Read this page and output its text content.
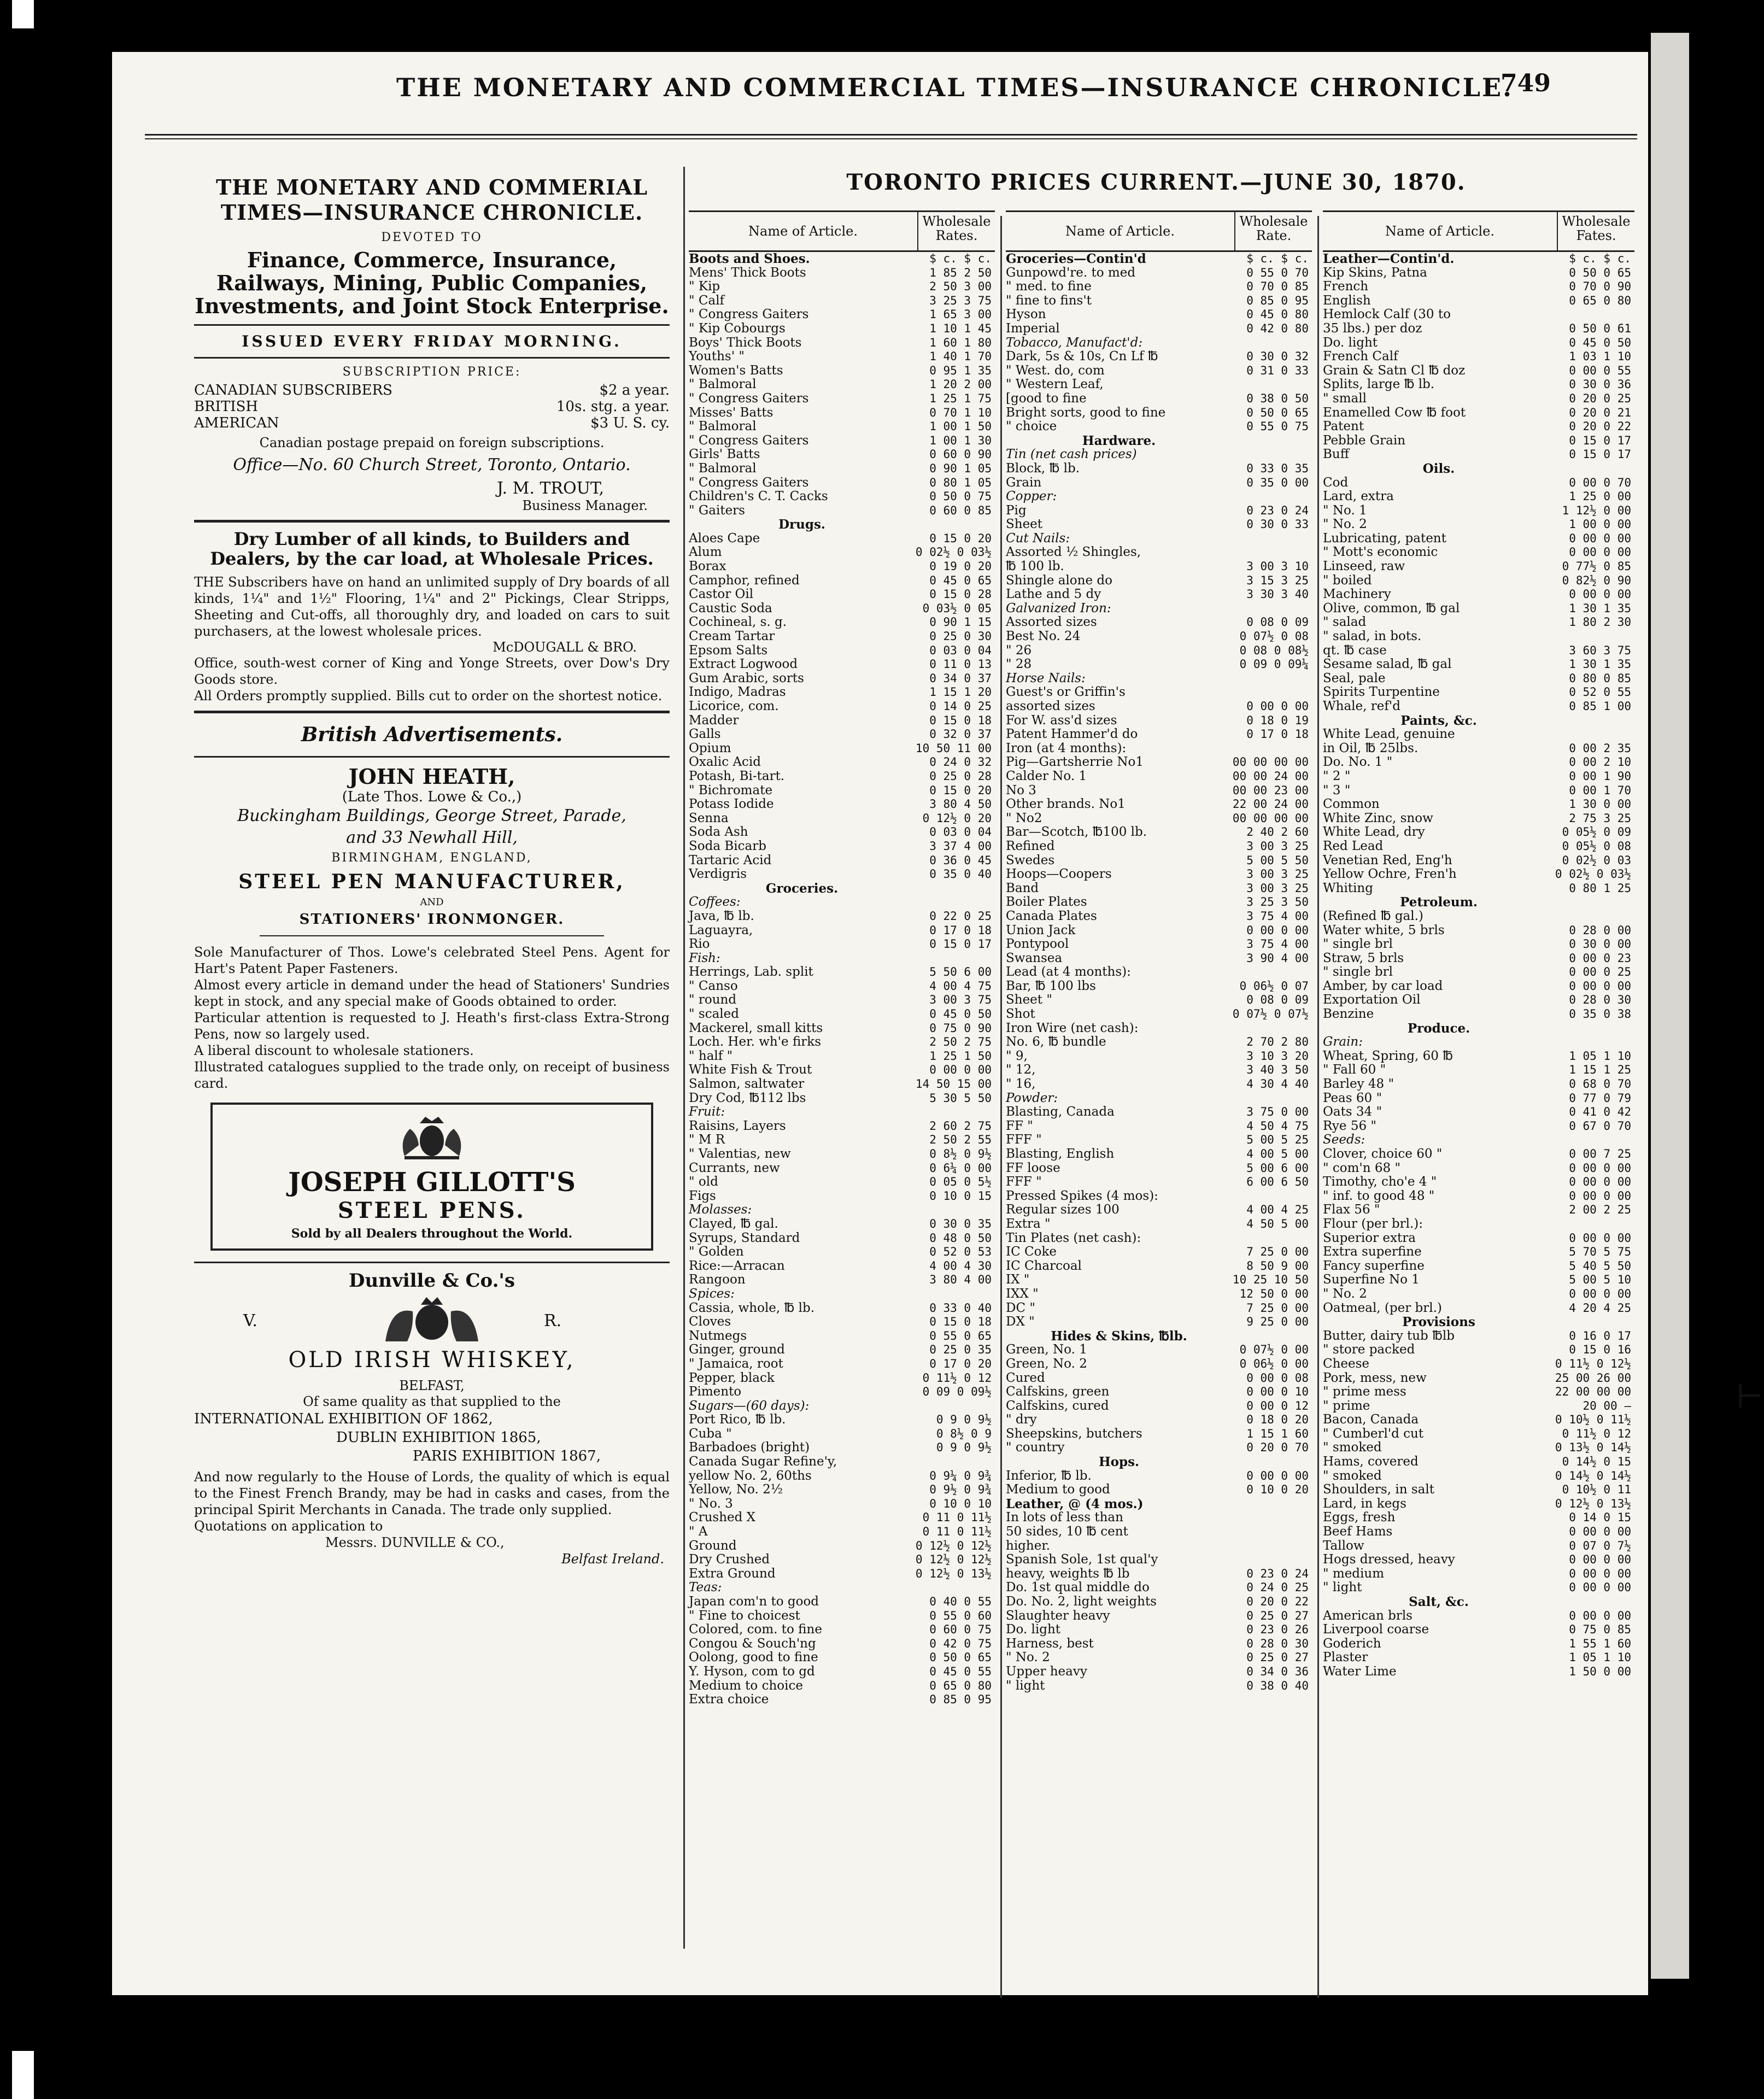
THE MONETARY AND COMMERCIAL TIMES—INSURANCE CHRONICLE.
749
THE MONETARY AND COMMERIAL TIMES—INSURANCE CHRONICLE.
DEVOTED TO
Finance, Commerce, Insurance, Railways, Mining, Public Companies, Investments, and Joint Stock Enterprise.
ISSUED EVERY FRIDAY MORNING.
SUBSCRIPTION PRICE:
CANADIAN SUBSCRIBERS	$2 a year.
BRITISH	10s. stg. a year.
AMERICAN	$3 U. S. cy.
Canadian postage prepaid on foreign subscriptions.
Office—No. 60 Church Street, Toronto, Ontario.
J. M. TROUT,
Business Manager.
Dry Lumber of all kinds, to Builders and Dealers, by the car load, at Wholesale Prices.
THE Subscribers have on hand an unlimited supply of Dry boards of all kinds, 1¼" and 1½" Flooring, 1¼" and 2" Pickings, Clear Stripps, Sheeting and Cut-offs, all thoroughly dry, and loaded on cars to suit purchasers, at the lowest wholesale prices.
McDOUGALL & BRO.
Office, south-west corner of King and Yonge Streets, over Dow's Dry Goods store.
All Orders promptly supplied. Bills cut to order on the shortest notice.
British Advertisements.
JOHN HEATH,
(Late Thos. Lowe & Co.,)
Buckingham Buildings, George Street, Parade,
and 33 Newhall Hill,
BIRMINGHAM, ENGLAND,
STEEL PEN MANUFACTURER,
AND
STATIONERS' IRONMONGER.
Sole Manufacturer of Thos. Lowe's celebrated Steel Pens. Agent for Hart's Patent Paper Fasteners.
Almost every article in demand under the head of Stationers' Sundries kept in stock, and any special make of Goods obtained to order.
Particular attention is requested to J. Heath's first-class Extra-Strong Pens, now so largely used.
A liberal discount to wholesale stationers.
Illustrated catalogues supplied to the trade only, on receipt of business card.
JOSEPH GILLOTT'S
STEEL PENS.
Sold by all Dealers throughout the World.
Dunville & Co.'s
V.	R.
OLD IRISH WHISKEY,
BELFAST,
Of same quality as that supplied to the
INTERNATIONAL EXHIBITION OF 1862,
DUBLIN EXHIBITION 1865,
PARIS EXHIBITION 1867,
And now regularly to the House of Lords, the quality of which is equal to the Finest French Brandy, may be had in casks and cases, from the principal Spirit Merchants in Canada. The trade only supplied.
Quotations on application to
Messrs. DUNVILLE & CO.,
Belfast Ireland.
TORONTO PRICES CURRENT.—JUNE 30, 1870.
Name of Article.
Wholesale Rates.
Boots and Shoes.	$ c. $ c.
Mens' Thick Boots	1 85 2 50
" Kip	2 50 3 00
" Calf	3 25 3 75
" Congress Gaiters	1 65 3 00
" Kip Cobourgs	1 10 1 45
Boys' Thick Boots	1 60 1 80
Youths' "	1 40 1 70
Women's Batts	0 95 1 35
" Balmoral	1 20 2 00
" Congress Gaiters	1 25 1 75
Misses' Batts	0 70 1 10
" Balmoral	1 00 1 50
" Congress Gaiters	1 00 1 30
Girls' Batts	0 60 0 90
" Balmoral	0 90 1 05
" Congress Gaiters	0 80 1 05
Children's C. T. Cacks	0 50 0 75
" Gaiters	0 60 0 85
Drugs.
Aloes Cape	0 15 0 20
Alum	0 02½ 0 03½
Borax	0 19 0 20
Camphor, refined	0 45 0 65
Castor Oil	0 15 0 28
Caustic Soda	0 03½ 0 05
Cochineal, s. g.	0 90 1 15
Cream Tartar	0 25 0 30
Epsom Salts	0 03 0 04
Extract Logwood	0 11 0 13
Gum Arabic, sorts	0 34 0 37
Indigo, Madras	1 15 1 20
Licorice, com.	0 14 0 25
Madder	0 15 0 18
Galls	0 32 0 37
Opium	10 50 11 00
Oxalic Acid	0 24 0 32
Potash, Bi-tart.	0 25 0 28
" Bichromate	0 15 0 20
Potass Iodide	3 80 4 50
Senna	0 12½ 0 20
Soda Ash	0 03 0 04
Soda Bicarb	3 37 4 00
Tartaric Acid	0 36 0 45
Verdigris	0 35 0 40
Groceries.
Coffees:
Java, ℔ lb.	0 22 0 25
Laguayra,	0 17 0 18
Rio	0 15 0 17
Fish:
Herrings, Lab. split	5 50 6 00
" Canso	4 00 4 75
" round	3 00 3 75
" scaled	0 45 0 50
Mackerel, small kitts	0 75 0 90
Loch. Her. wh'e firks	2 50 2 75
" half "	1 25 1 50
White Fish & Trout	0 00 0 00
Salmon, saltwater	14 50 15 00
Dry Cod, ℔112 lbs	5 30 5 50
Fruit:
Raisins, Layers	2 60 2 75
" M R	2 50 2 55
" Valentias, new	0 8½ 0 9½
Currants, new	0 6¼ 0 00
" old	0 05 0 5½
Figs	0 10 0 15
Molasses:
Clayed, ℔ gal.	0 30 0 35
Syrups, Standard	0 48 0 50
" Golden	0 52 0 53
Rice:—Arracan	4 00 4 30
Rangoon	3 80 4 00
Spices:
Cassia, whole, ℔ lb.	0 33 0 40
Cloves	0 15 0 18
Nutmegs	0 55 0 65
Ginger, ground	0 25 0 35
" Jamaica, root	0 17 0 20
Pepper, black	0 11½ 0 12
Pimento	0 09 0 09½
Sugars—(60 days):
Port Rico, ℔ lb.	0 9 0 9½
Cuba "	0 8½ 0 9
Barbadoes (bright)	0 9 0 9½
Canada Sugar Refine'y,
yellow No. 2, 60ths	0 9¼ 0 9¾
Yellow, No. 2½	0 9½ 0 9¾
" No. 3	0 10 0 10
Crushed X	0 11 0 11½
" A	0 11 0 11½
Ground	0 12½ 0 12½
Dry Crushed	0 12½ 0 12½
Extra Ground	0 12½ 0 13½
Teas:
Japan com'n to good	0 40 0 55
" Fine to choicest	0 55 0 60
Colored, com. to fine	0 60 0 75
Congou & Souch'ng	0 42 0 75
Oolong, good to fine	0 50 0 65
Y. Hyson, com to gd	0 45 0 55
Medium to choice	0 65 0 80
Extra choice	0 85 0 95
Name of Article.
Wholesale Rate.
Groceries—Contin'd	$ c. $ c.
Gunpowd're. to med	0 55 0 70
" med. to fine	0 70 0 85
" fine to fins't	0 85 0 95
Hyson	0 45 0 80
Imperial	0 42 0 80
Tobacco, Manufact'd:
Dark, 5s & 10s, Cn Lf ℔	0 30 0 32
" West. do, com	0 31 0 33
" Western Leaf,
[good to fine	0 38 0 50
Bright sorts, good to fine	0 50 0 65
" choice	0 55 0 75
Hardware.
Tin (net cash prices)
Block, ℔ lb.	0 33 0 35
Grain	0 35 0 00
Copper:
Pig	0 23 0 24
Sheet	0 30 0 33
Cut Nails:
Assorted ½ Shingles,
℔ 100 lb.	3 00 3 10
Shingle alone do	3 15 3 25
Lathe and 5 dy	3 30 3 40
Galvanized Iron:
Assorted sizes	0 08 0 09
Best No. 24	0 07½ 0 08
" 26	0 08 0 08½
" 28	0 09 0 09¼
Horse Nails:
Guest's or Griffin's
assorted sizes	0 00 0 00
For W. ass'd sizes	0 18 0 19
Patent Hammer'd do	0 17 0 18
Iron (at 4 months):
Pig—Gartsherrie No1	00 00 00 00
Calder No. 1	00 00 24 00
No 3	00 00 23 00
Other brands. No1	22 00 24 00
" No2	00 00 00 00
Bar—Scotch, ℔100 lb.	2 40 2 60
Refined	3 00 3 25
Swedes	5 00 5 50
Hoops—Coopers	3 00 3 25
Band	3 00 3 25
Boiler Plates	3 25 3 50
Canada Plates	3 75 4 00
Union Jack	0 00 0 00
Pontypool	3 75 4 00
Swansea	3 90 4 00
Lead (at 4 months):
Bar, ℔ 100 lbs	0 06½ 0 07
Sheet "	0 08 0 09
Shot	0 07½ 0 07½
Iron Wire (net cash):
No. 6, ℔ bundle	2 70 2 80
" 9,	3 10 3 20
" 12,	3 40 3 50
" 16,	4 30 4 40
Powder:
Blasting, Canada	3 75 0 00
FF "	4 50 4 75
FFF "	5 00 5 25
Blasting, English	4 00 5 00
FF loose	5 00 6 00
FFF "	6 00 6 50
Pressed Spikes (4 mos):
Regular sizes 100	4 00 4 25
Extra "	4 50 5 00
Tin Plates (net cash):
IC Coke	7 25 0 00
IC Charcoal	8 50 9 00
IX "	10 25 10 50
IXX "	12 50 0 00
DC "	7 25 0 00
DX "	9 25 0 00
Hides & Skins, ℔lb.
Green, No. 1	0 07½ 0 00
Green, No. 2	0 06½ 0 00
Cured	0 00 0 08
Calfskins, green	0 00 0 10
Calfskins, cured	0 00 0 12
" dry	0 18 0 20
Sheepskins, butchers	1 15 1 60
" country	0 20 0 70
Hops.
Inferior, ℔ lb.	0 00 0 00
Medium to good	0 10 0 20
Leather, @ (4 mos.)
In lots of less than
50 sides, 10 ℔ cent
higher.
Spanish Sole, 1st qual'y
heavy, weights ℔ lb	0 23 0 24
Do. 1st qual middle do	0 24 0 25
Do. No. 2, light weights	0 20 0 22
Slaughter heavy	0 25 0 27
Do. light	0 23 0 26
Harness, best	0 28 0 30
" No. 2	0 25 0 27
Upper heavy	0 34 0 36
" light	0 38 0 40
Name of Article.
Wholesale Fates.
Leather—Contin'd.	$ c. $ c.
Kip Skins, Patna	0 50 0 65
French	0 70 0 90
English	0 65 0 80
Hemlock Calf (30 to
35 lbs.) per doz	0 50 0 61
Do. light	0 45 0 50
French Calf	1 03 1 10
Grain & Satn Cl ℔ doz	0 00 0 55
Splits, large ℔ lb.	0 30 0 36
" small	0 20 0 25
Enamelled Cow ℔ foot	0 20 0 21
Patent	0 20 0 22
Pebble Grain	0 15 0 17
Buff	0 15 0 17
Oils.
Cod	0 00 0 70
Lard, extra	1 25 0 00
" No. 1	1 12½ 0 00
" No. 2	1 00 0 00
Lubricating, patent	0 00 0 00
" Mott's economic	0 00 0 00
Linseed, raw	0 77½ 0 85
" boiled	0 82½ 0 90
Machinery	0 00 0 00
Olive, common, ℔ gal	1 30 1 35
" salad	1 80 2 30
" salad, in bots.
qt. ℔ case	3 60 3 75
Sesame salad, ℔ gal	1 30 1 35
Seal, pale	0 80 0 85
Spirits Turpentine	0 52 0 55
Whale, ref'd	0 85 1 00
Paints, &c.
White Lead, genuine
in Oil, ℔ 25lbs.	0 00 2 35
Do. No. 1 "	0 00 2 10
" 2 "	0 00 1 90
" 3 "	0 00 1 70
Common	1 30 0 00
White Zinc, snow	2 75 3 25
White Lead, dry	0 05½ 0 09
Red Lead	0 05½ 0 08
Venetian Red, Eng'h	0 02½ 0 03
Yellow Ochre, Fren'h	0 02½ 0 03½
Whiting	0 80 1 25
Petroleum.
(Refined ℔ gal.)
Water white, 5 brls	0 28 0 00
" single brl	0 30 0 00
Straw, 5 brls	0 00 0 23
" single brl	0 00 0 25
Amber, by car load	0 00 0 00
Exportation Oil	0 28 0 30
Benzine	0 35 0 38
Produce.
Grain:
Wheat, Spring, 60 ℔	1 05 1 10
" Fall 60 "	1 15 1 25
Barley 48 "	0 68 0 70
Peas 60 "	0 77 0 79
Oats 34 "	0 41 0 42
Rye 56 "	0 67 0 70
Seeds:
Clover, choice 60 "	0 00 7 25
" com'n 68 "	0 00 0 00
Timothy, cho'e 4 "	0 00 0 00
" inf. to good 48 "	0 00 0 00
Flax 56 "	2 00 2 25
Flour (per brl.):
Superior extra	0 00 0 00
Extra superfine	5 70 5 75
Fancy superfine	5 40 5 50
Superfine No 1	5 00 5 10
" No. 2	0 00 0 00
Oatmeal, (per brl.)	4 20 4 25
Provisions
Butter, dairy tub ℔lb	0 16 0 17
" store packed	0 15 0 16
Cheese	0 11½ 0 12½
Pork, mess, new	25 00 26 00
" prime mess	22 00 00 00
" prime	20 00 —
Bacon, Canada	0 10½ 0 11½
" Cumberl'd cut	0 11½ 0 12
" smoked	0 13½ 0 14½
Hams, covered	0 14½ 0 15
" smoked	0 14½ 0 14½
Shoulders, in salt	0 10½ 0 11
Lard, in kegs	0 12½ 0 13½
Eggs, fresh	0 14 0 15
Beef Hams	0 00 0 00
Tallow	0 07 0 7½
Hogs dressed, heavy	0 00 0 00
" medium	0 00 0 00
" light	0 00 0 00
Salt, &c.
American brls	0 00 0 00
Liverpool coarse	0 75 0 85
Goderich	1 55 1 60
Plaster	1 05 1 10
Water Lime	1 50 0 00
⊢
